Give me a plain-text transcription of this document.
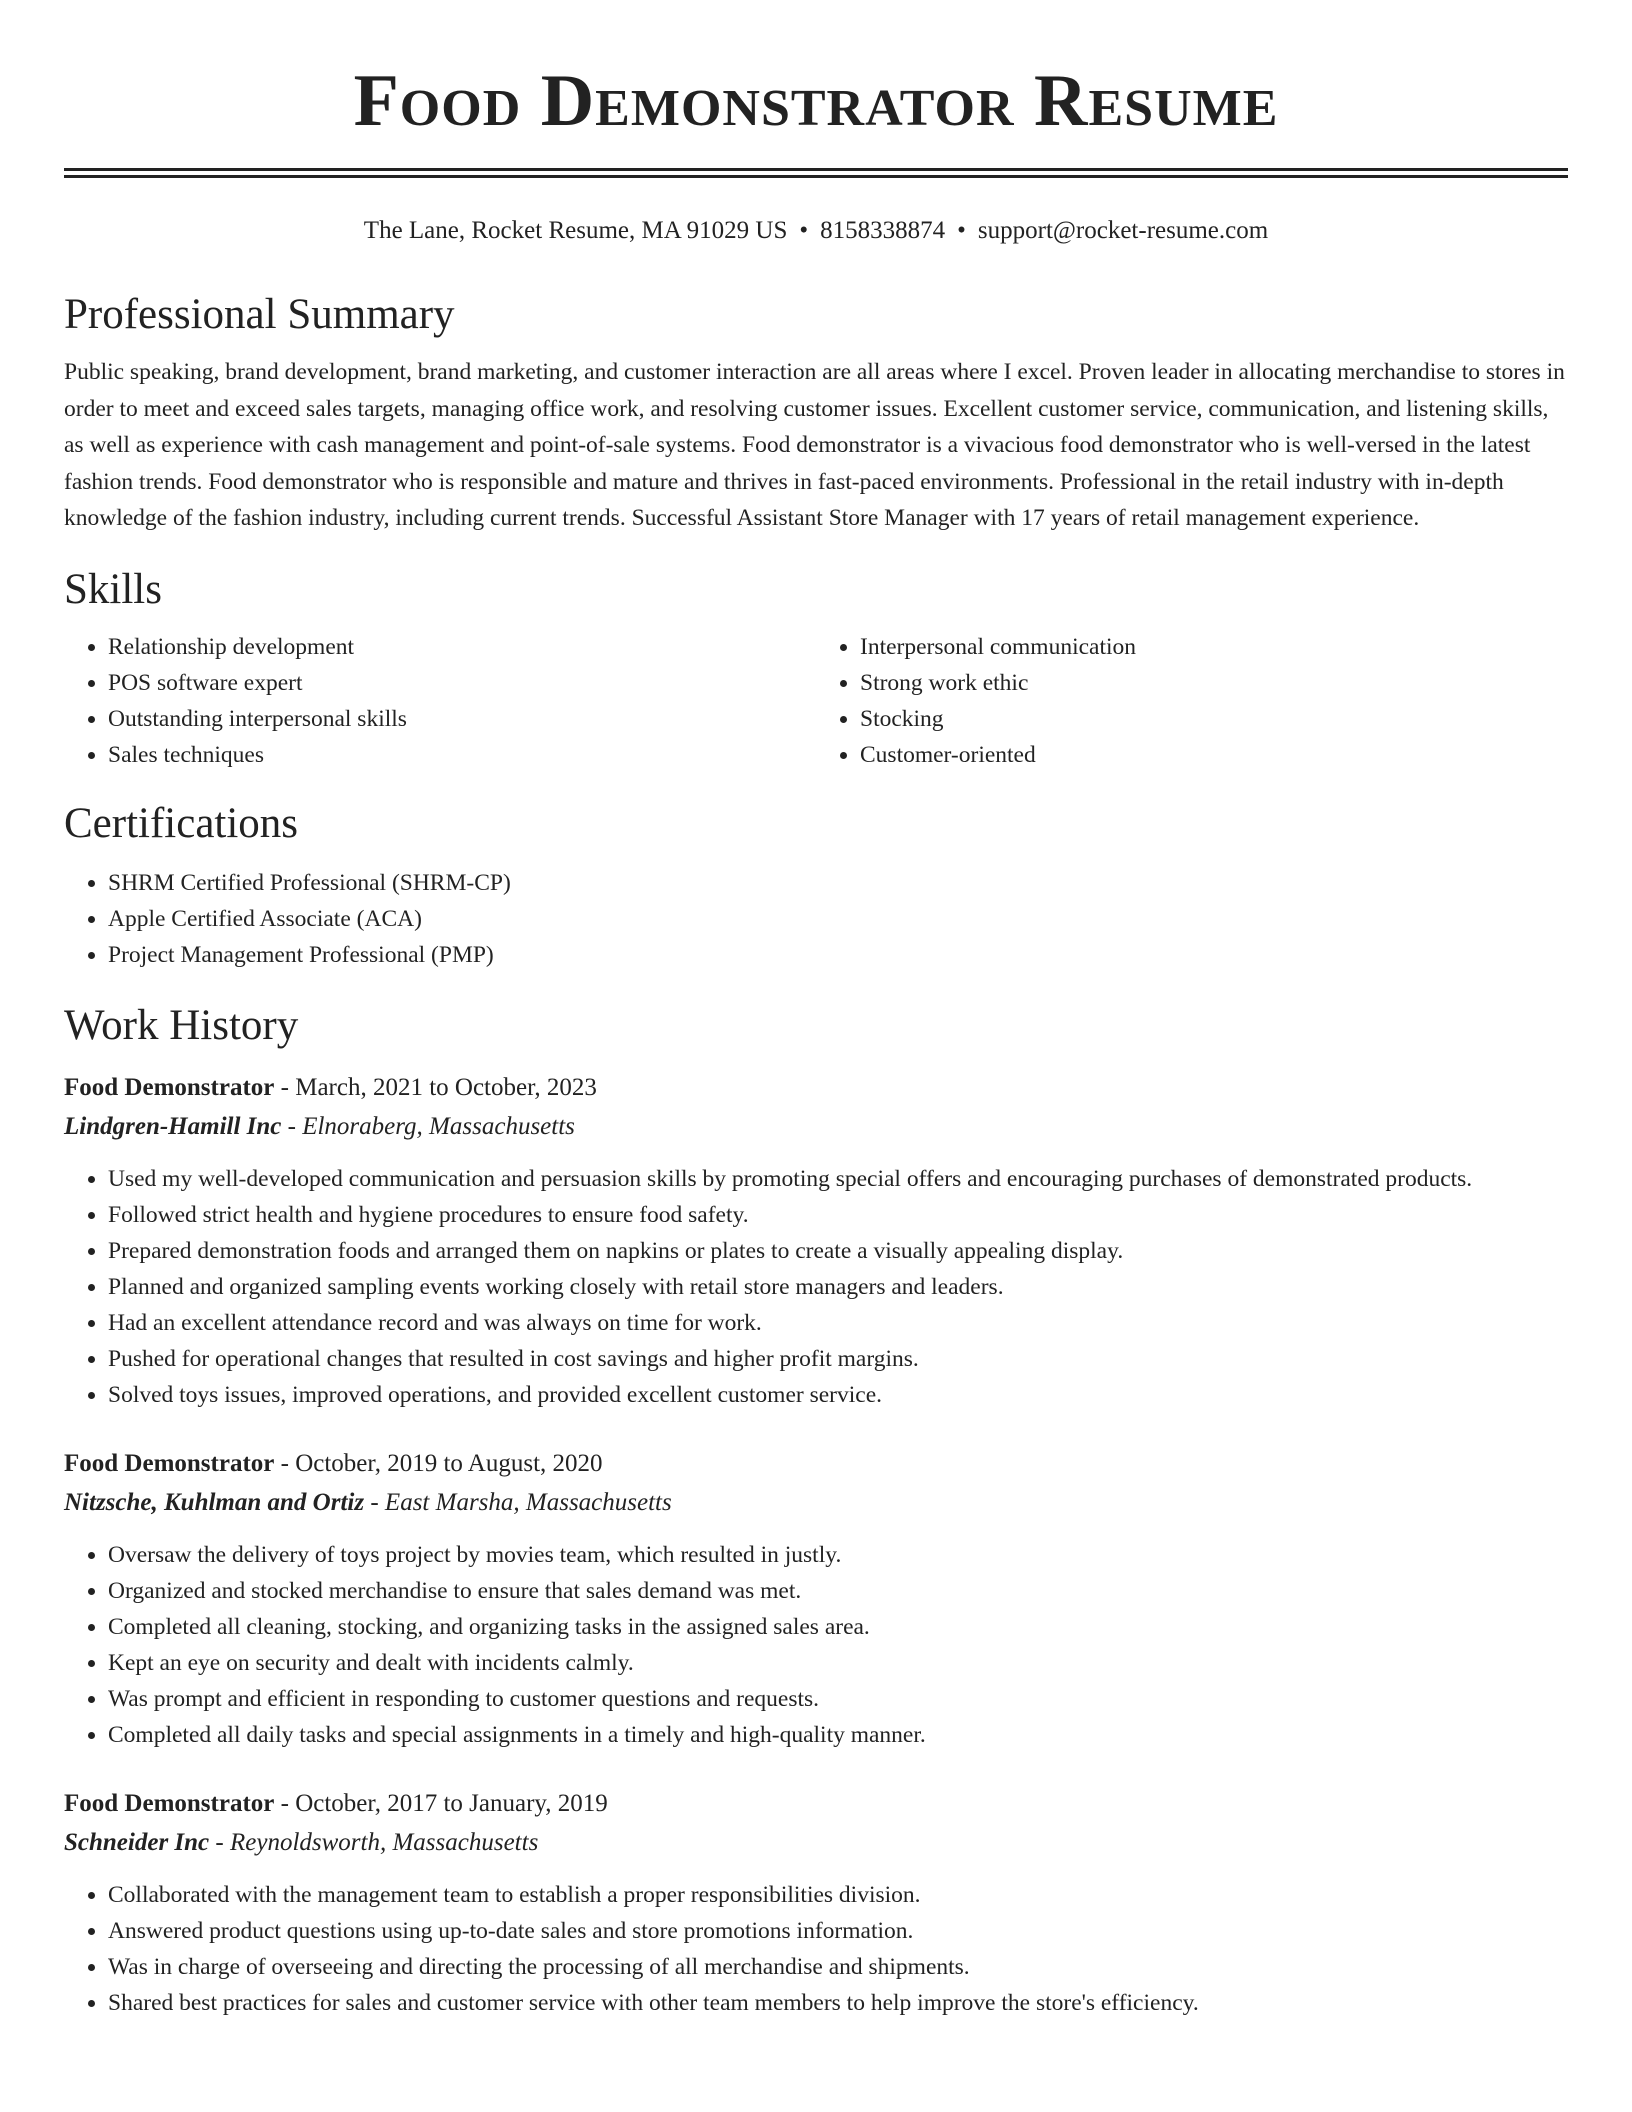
Food Demonstrator Resume
The Lane, Rocket Resume, MA 91029 US • 8158338874 • support@rocket-resume.com
Professional Summary

Public speaking, brand development, brand marketing, and customer interaction are all areas where I excel. Proven leader in allocating merchandise to stores in order to meet and exceed sales targets, managing office work, and resolving customer issues. Excellent customer service, communication, and listening skills, as well as experience with cash management and point-of-sale systems. Food demonstrator is a vivacious food demonstrator who is well-versed in the latest fashion trends. Food demonstrator who is responsible and mature and thrives in fast-paced environments. Professional in the retail industry with in-depth knowledge of the fashion industry, including current trends. Successful Assistant Store Manager with 17 years of retail management experience.

Skills
• Relationship development
• POS software expert
• Outstanding interpersonal skills
• Sales techniques
• Interpersonal communication
• Strong work ethic
• Stocking
• Customer-oriented
Certifications
• SHRM Certified Professional (SHRM-CP)
• Apple Certified Associate (ACA)
• Project Management Professional (PMP)
Work History
Food Demonstrator - March, 2021 to October, 2023
Lindgren-Hamill Inc - Elnoraberg, Massachusetts
• Used my well-developed communication and persuasion skills by promoting special offers and encouraging purchases of demonstrated products.
• Followed strict health and hygiene procedures to ensure food safety.
• Prepared demonstration foods and arranged them on napkins or plates to create a visually appealing display.
• Planned and organized sampling events working closely with retail store managers and leaders.
• Had an excellent attendance record and was always on time for work.
• Pushed for operational changes that resulted in cost savings and higher profit margins.
• Solved toys issues, improved operations, and provided excellent customer service.
Food Demonstrator - October, 2019 to August, 2020
Nitzsche, Kuhlman and Ortiz - East Marsha, Massachusetts
• Oversaw the delivery of toys project by movies team, which resulted in justly.
• Organized and stocked merchandise to ensure that sales demand was met.
• Completed all cleaning, stocking, and organizing tasks in the assigned sales area.
• Kept an eye on security and dealt with incidents calmly.
• Was prompt and efficient in responding to customer questions and requests.
• Completed all daily tasks and special assignments in a timely and high-quality manner.
Food Demonstrator - October, 2017 to January, 2019
Schneider Inc - Reynoldsworth, Massachusetts
• Collaborated with the management team to establish a proper responsibilities division.
• Answered product questions using up-to-date sales and store promotions information.
• Was in charge of overseeing and directing the processing of all merchandise and shipments.
• Shared best practices for sales and customer service with other team members to help improve the store's efficiency.
